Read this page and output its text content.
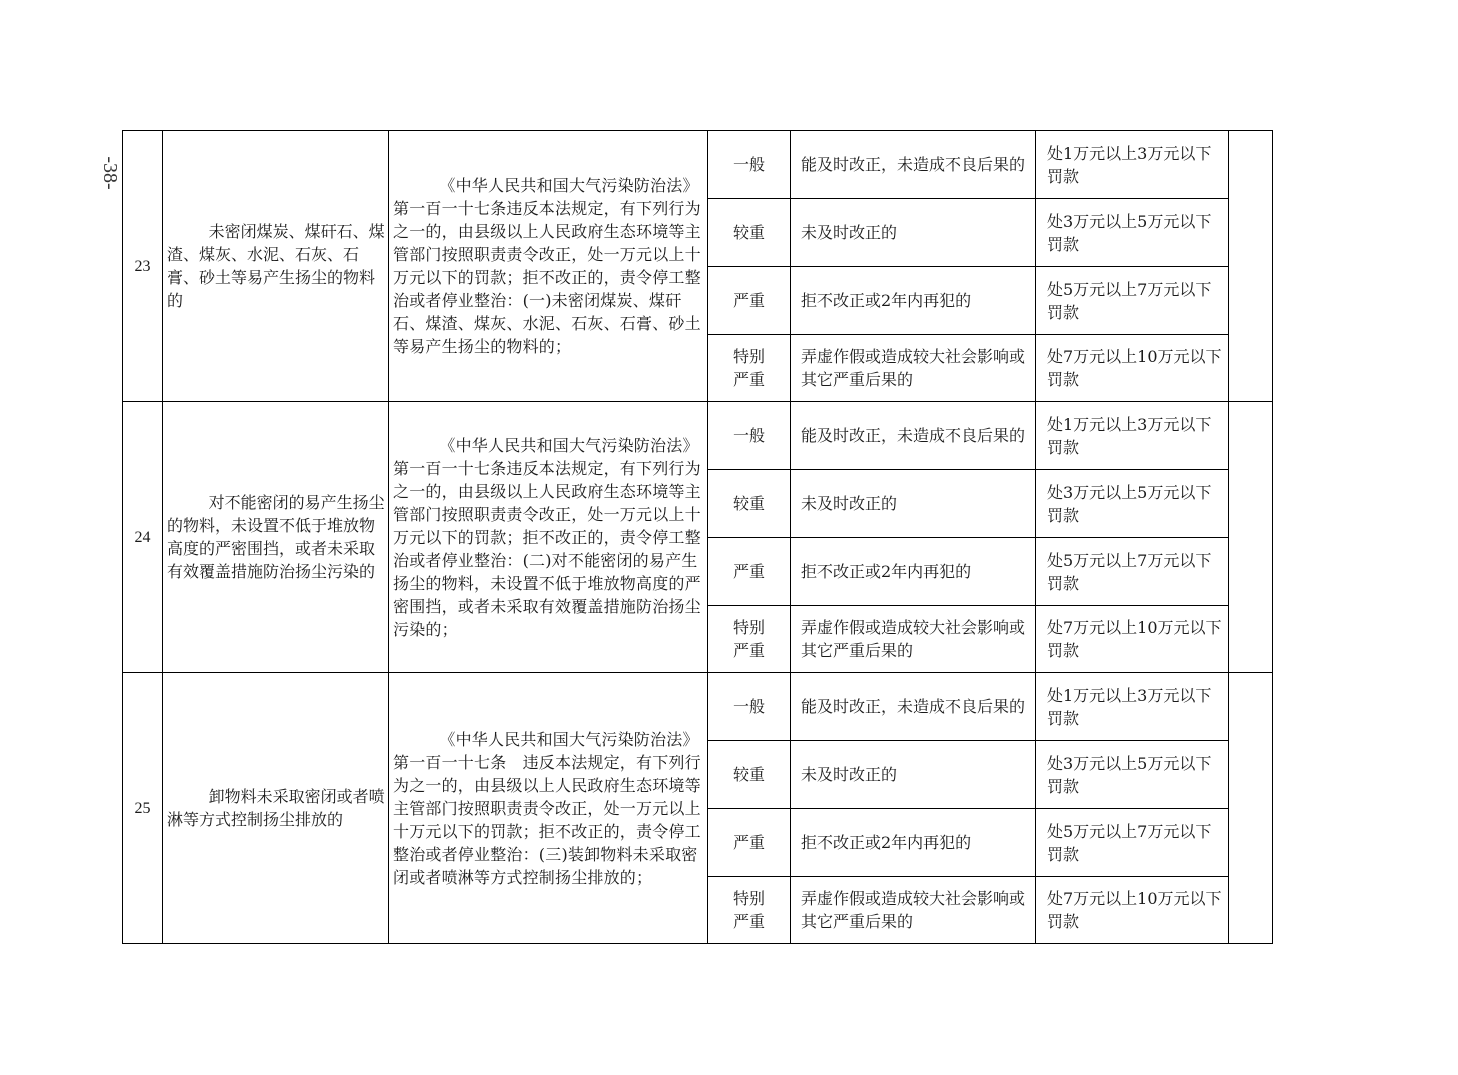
-38-
23	未密闭煤炭、煤矸石、煤渣、煤灰、水泥、石灰、石膏、砂土等易产生扬尘的物料的	《中华人民共和国大气污染防治法》第一百一十七条违反本法规定，有下列行为之一的，由县级以上人民政府生态环境等主管部门按照职责责令改正，处一万元以上十万元以下的罚款；拒不改正的，责令停工整治或者停业整治：(一)未密闭煤炭、煤矸石、煤渣、煤灰、水泥、石灰、石膏、砂土等易产生扬尘的物料的；	一般	能及时改正，未造成不良后果的	处1万元以上3万元以下罚款	
			较重	未及时改正的	处3万元以上5万元以下罚款	
			严重	拒不改正或2年内再犯的	处5万元以上7万元以下罚款	

			特别严重	弄虚作假或造成较大社会影响或其它严重后果的	处7万元以上10万元以下罚款	
24	对不能密闭的易产生扬尘的物料，未设置不低于堆放物高度的严密围挡，或者未采取有效覆盖措施防治扬尘污染的	《中华人民共和国大气污染防治法》第一百一十七条违反本法规定，有下列行为之一的，由县级以上人民政府生态环境等主管部门按照职责责令改正，处一万元以上十万元以下的罚款；拒不改正的，责令停工整治或者停业整治：(二)对不能密闭的易产生扬尘的物料，未设置不低于堆放物高度的严密围挡，或者未采取有效覆盖措施防治扬尘污染的；	一般	能及时改正，未造成不良后果的	处1万元以上3万元以下罚款	
			较重	未及时改正的	处3万元以上5万元以下罚款	
			严重	拒不改正或2年内再犯的	处5万元以上7万元以下罚款	

			特别严重	弄虚作假或造成较大社会影响或其它严重后果的	处7万元以上10万元以下罚款	
25	卸物料未采取密闭或者喷淋等方式控制扬尘排放的	《中华人民共和国大气污染防治法》第一百一十七条　违反本法规定，有下列行为之一的，由县级以上人民政府生态环境等主管部门按照职责责令改正，处一万元以上十万元以下的罚款；拒不改正的，责令停工整治或者停业整治：(三)装卸物料未采取密闭或者喷淋等方式控制扬尘排放的；	一般	能及时改正，未造成不良后果的	处1万元以上3万元以下罚款	
			较重	未及时改正的	处3万元以上5万元以下罚款	
			严重	拒不改正或2年内再犯的	处5万元以上7万元以下罚款	

			特别严重	弄虚作假或造成较大社会影响或其它严重后果的	处7万元以上10万元以下罚款	
